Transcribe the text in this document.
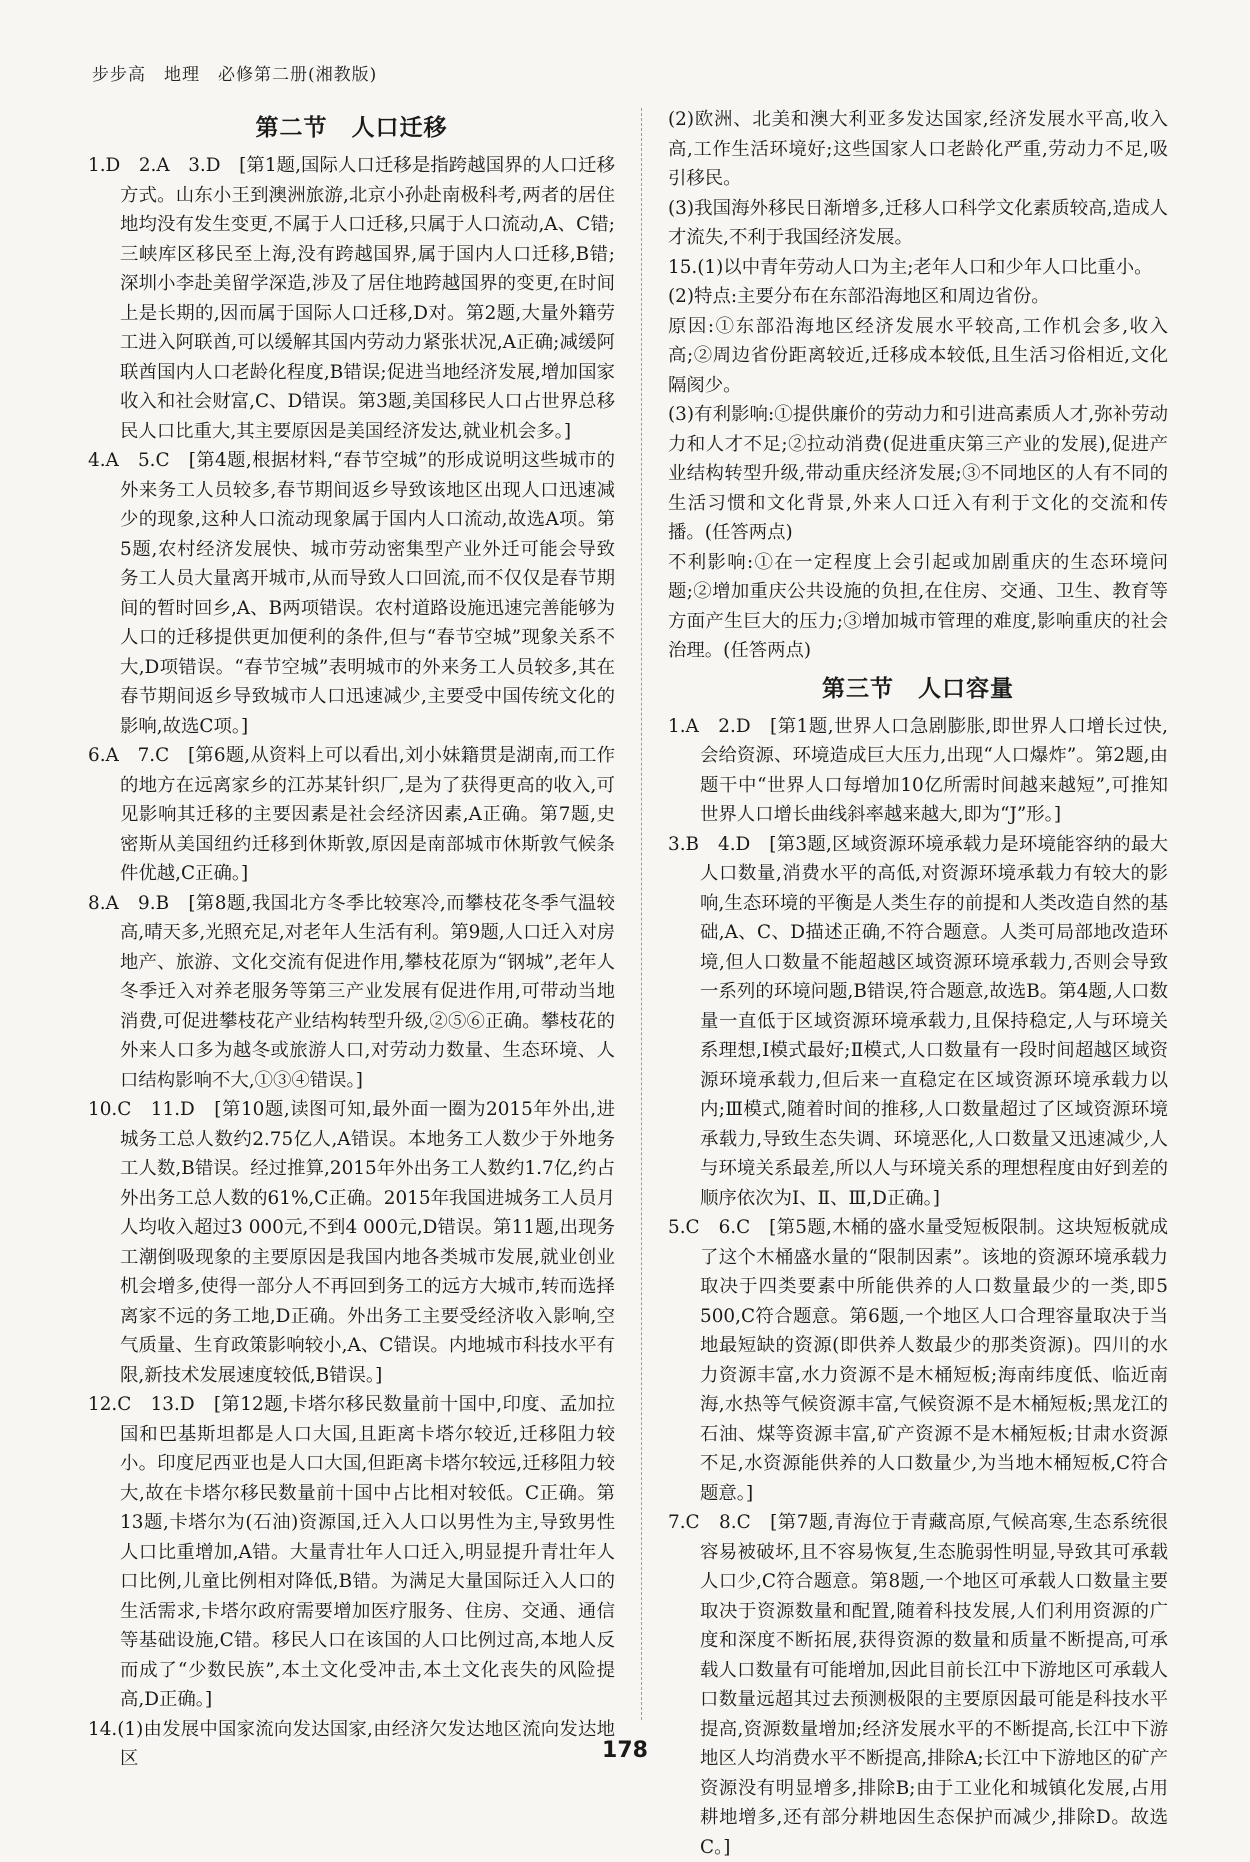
步步高　地理　必修第二册(湘教版)
第二节　人口迁移

1.D　2.A　3.D　[第1题,国际人口迁移是指跨越国界的人口迁移方式。山东小王到澳洲旅游,北京小孙赴南极科考,两者的居住地均没有发生变更,不属于人口迁移,只属于人口流动,A、C错;三峡库区移民至上海,没有跨越国界,属于国内人口迁移,B错;深圳小李赴美留学深造,涉及了居住地跨越国界的变更,在时间上是长期的,因而属于国际人口迁移,D对。第2题,大量外籍劳工进入阿联酋,可以缓解其国内劳动力紧张状况,A正确;减缓阿联酋国内人口老龄化程度,B错误;促进当地经济发展,增加国家收入和社会财富,C、D错误。第3题,美国移民人口占世界总移民人口比重大,其主要原因是美国经济发达,就业机会多。]

4.A　5.C　[第4题,根据材料,“春节空城”的形成说明这些城市的外来务工人员较多,春节期间返乡导致该地区出现人口迅速减少的现象,这种人口流动现象属于国内人口流动,故选A项。第5题,农村经济发展快、城市劳动密集型产业外迁可能会导致务工人员大量离开城市,从而导致人口回流,而不仅仅是春节期间的暂时回乡,A、B两项错误。农村道路设施迅速完善能够为人口的迁移提供更加便利的条件,但与“春节空城”现象关系不大,D项错误。“春节空城”表明城市的外来务工人员较多,其在春节期间返乡导致城市人口迅速减少,主要受中国传统文化的影响,故选C项。]

6.A　7.C　[第6题,从资料上可以看出,刘小妹籍贯是湖南,而工作的地方在远离家乡的江苏某针织厂,是为了获得更高的收入,可见影响其迁移的主要因素是社会经济因素,A正确。第7题,史密斯从美国纽约迁移到休斯敦,原因是南部城市休斯敦气候条件优越,C正确。]

8.A　9.B　[第8题,我国北方冬季比较寒冷,而攀枝花冬季气温较高,晴天多,光照充足,对老年人生活有利。第9题,人口迁入对房地产、旅游、文化交流有促进作用,攀枝花原为“钢城”,老年人冬季迁入对养老服务等第三产业发展有促进作用,可带动当地消费,可促进攀枝花产业结构转型升级,②⑤⑥正确。攀枝花的外来人口多为越冬或旅游人口,对劳动力数量、生态环境、人口结构影响不大,①③④错误。]

10.C　11.D　[第10题,读图可知,最外面一圈为2015年外出,进城务工总人数约2.75亿人,A错误。本地务工人数少于外地务工人数,B错误。经过推算,2015年外出务工人数约1.7亿,约占外出务工总人数的61%,C正确。2015年我国进城务工人员月人均收入超过3 000元,不到4 000元,D错误。第11题,出现务工潮倒吸现象的主要原因是我国内地各类城市发展,就业创业机会增多,使得一部分人不再回到务工的远方大城市,转而选择离家不远的务工地,D正确。外出务工主要受经济收入影响,空气质量、生育政策影响较小,A、C错误。内地城市科技水平有限,新技术发展速度较低,B错误。]

12.C　13.D　[第12题,卡塔尔移民数量前十国中,印度、孟加拉国和巴基斯坦都是人口大国,且距离卡塔尔较近,迁移阻力较小。印度尼西亚也是人口大国,但距离卡塔尔较远,迁移阻力较大,故在卡塔尔移民数量前十国中占比相对较低。C正确。第13题,卡塔尔为(石油)资源国,迁入人口以男性为主,导致男性人口比重增加,A错。大量青壮年人口迁入,明显提升青壮年人口比例,儿童比例相对降低,B错。为满足大量国际迁入人口的生活需求,卡塔尔政府需要增加医疗服务、住房、交通、通信等基础设施,C错。移民人口在该国的人口比例过高,本地人反而成了“少数民族”,本土文化受冲击,本土文化丧失的风险提高,D正确。]

14.(1)由发展中国家流向发达国家,由经济欠发达地区流向发达地区

(2)欧洲、北美和澳大利亚多发达国家,经济发展水平高,收入高,工作生活环境好;这些国家人口老龄化严重,劳动力不足,吸引移民。

(3)我国海外移民日渐增多,迁移人口科学文化素质较高,造成人才流失,不利于我国经济发展。

15.(1)以中青年劳动人口为主;老年人口和少年人口比重小。

(2)特点:主要分布在东部沿海地区和周边省份。

原因:①东部沿海地区经济发展水平较高,工作机会多,收入高;②周边省份距离较近,迁移成本较低,且生活习俗相近,文化隔阂少。

(3)有利影响:①提供廉价的劳动力和引进高素质人才,弥补劳动力和人才不足;②拉动消费(促进重庆第三产业的发展),促进产业结构转型升级,带动重庆经济发展;③不同地区的人有不同的生活习惯和文化背景,外来人口迁入有利于文化的交流和传播。(任答两点)

不利影响:①在一定程度上会引起或加剧重庆的生态环境问题;②增加重庆公共设施的负担,在住房、交通、卫生、教育等方面产生巨大的压力;③增加城市管理的难度,影响重庆的社会治理。(任答两点)

第三节　人口容量

1.A　2.D　[第1题,世界人口急剧膨胀,即世界人口增长过快,会给资源、环境造成巨大压力,出现“人口爆炸”。第2题,由题干中“世界人口每增加10亿所需时间越来越短”,可推知世界人口增长曲线斜率越来越大,即为“J”形。]

3.B　4.D　[第3题,区域资源环境承载力是环境能容纳的最大人口数量,消费水平的高低,对资源环境承载力有较大的影响,生态环境的平衡是人类生存的前提和人类改造自然的基础,A、C、D描述正确,不符合题意。人类可局部地改造环境,但人口数量不能超越区域资源环境承载力,否则会导致一系列的环境问题,B错误,符合题意,故选B。第4题,人口数量一直低于区域资源环境承载力,且保持稳定,人与环境关系理想,Ⅰ模式最好;Ⅱ模式,人口数量有一段时间超越区域资源环境承载力,但后来一直稳定在区域资源环境承载力以内;Ⅲ模式,随着时间的推移,人口数量超过了区域资源环境承载力,导致生态失调、环境恶化,人口数量又迅速减少,人与环境关系最差,所以人与环境关系的理想程度由好到差的顺序依次为Ⅰ、Ⅱ、Ⅲ,D正确。]

5.C　6.C　[第5题,木桶的盛水量受短板限制。这块短板就成了这个木桶盛水量的“限制因素”。该地的资源环境承载力取决于四类要素中所能供养的人口数量最少的一类,即5 500,C符合题意。第6题,一个地区人口合理容量取决于当地最短缺的资源(即供养人数最少的那类资源)。四川的水力资源丰富,水力资源不是木桶短板;海南纬度低、临近南海,水热等气候资源丰富,气候资源不是木桶短板;黑龙江的石油、煤等资源丰富,矿产资源不是木桶短板;甘肃水资源不足,水资源能供养的人口数量少,为当地木桶短板,C符合题意。]

7.C　8.C　[第7题,青海位于青藏高原,气候高寒,生态系统很容易被破坏,且不容易恢复,生态脆弱性明显,导致其可承载人口少,C符合题意。第8题,一个地区可承载人口数量主要取决于资源数量和配置,随着科技发展,人们利用资源的广度和深度不断拓展,获得资源的数量和质量不断提高,可承载人口数量有可能增加,因此目前长江中下游地区可承载人口数量远超其过去预测极限的主要原因最可能是科技水平提高,资源数量增加;经济发展水平的不断提高,长江中下游地区人均消费水平不断提高,排除A;长江中下游地区的矿产资源没有明显增多,排除B;由于工业化和城镇化发展,占用耕地增多,还有部分耕地因生态保护而减少,排除D。故选C。]

178
